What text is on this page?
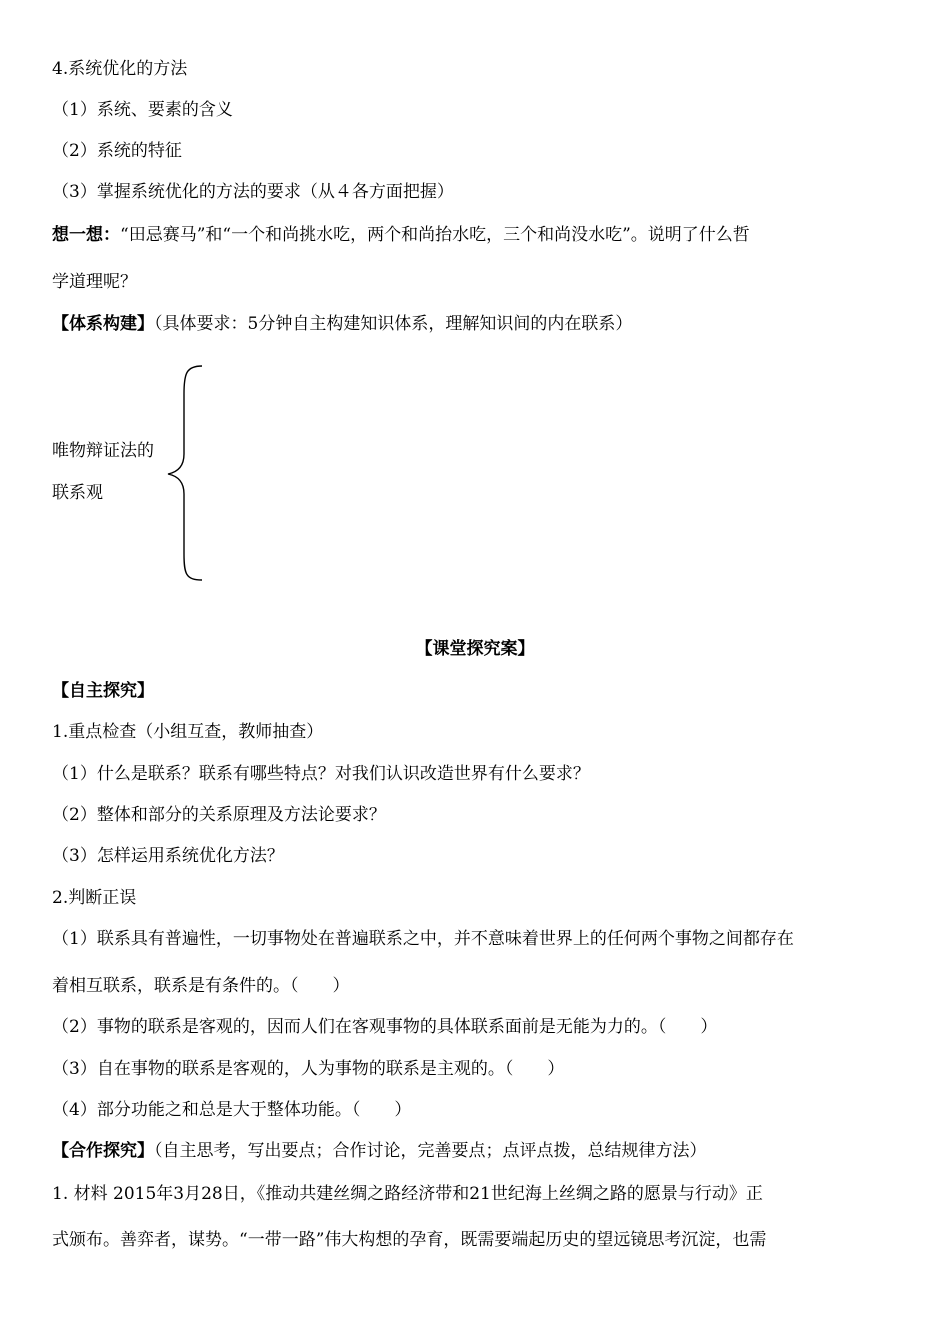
4.系统优化的方法
（1）系统、要素的含义
（2）系统的特征
（3）掌握系统优化的方法的要求（从４各方面把握）
想一想：“田忌赛马”和“一个和尚挑水吃，两个和尚抬水吃，三个和尚没水吃”。说明了什么哲
学道理呢？
【体系构建】（具体要求：5分钟自主构建知识体系，理解知识间的内在联系）
唯物辩证法的
联系观
【课堂探究案】
【自主探究】
1.重点检查（小组互查，教师抽查）
（1）什么是联系？联系有哪些特点？对我们认识改造世界有什么要求？
（2）整体和部分的关系原理及方法论要求？
（3）怎样运用系统优化方法？
2.判断正误
（1）联系具有普遍性，一切事物处在普遍联系之中，并不意味着世界上的任何两个事物之间都存在
着相互联系，联系是有条件的。（　　）
（2）事物的联系是客观的，因而人们在客观事物的具体联系面前是无能为力的。（　　）
（3）自在事物的联系是客观的，人为事物的联系是主观的。（　　）
（4）部分功能之和总是大于整体功能。（　　）
【合作探究】（自主思考，写出要点；合作讨论，完善要点；点评点拨，总结规律方法）
1. 材料 2015年3月28日，《推动共建丝绸之路经济带和21世纪海上丝绸之路的愿景与行动》正
式颁布。善弈者，谋势。“一带一路”伟大构想的孕育，既需要端起历史的望远镜思考沉淀，也需
